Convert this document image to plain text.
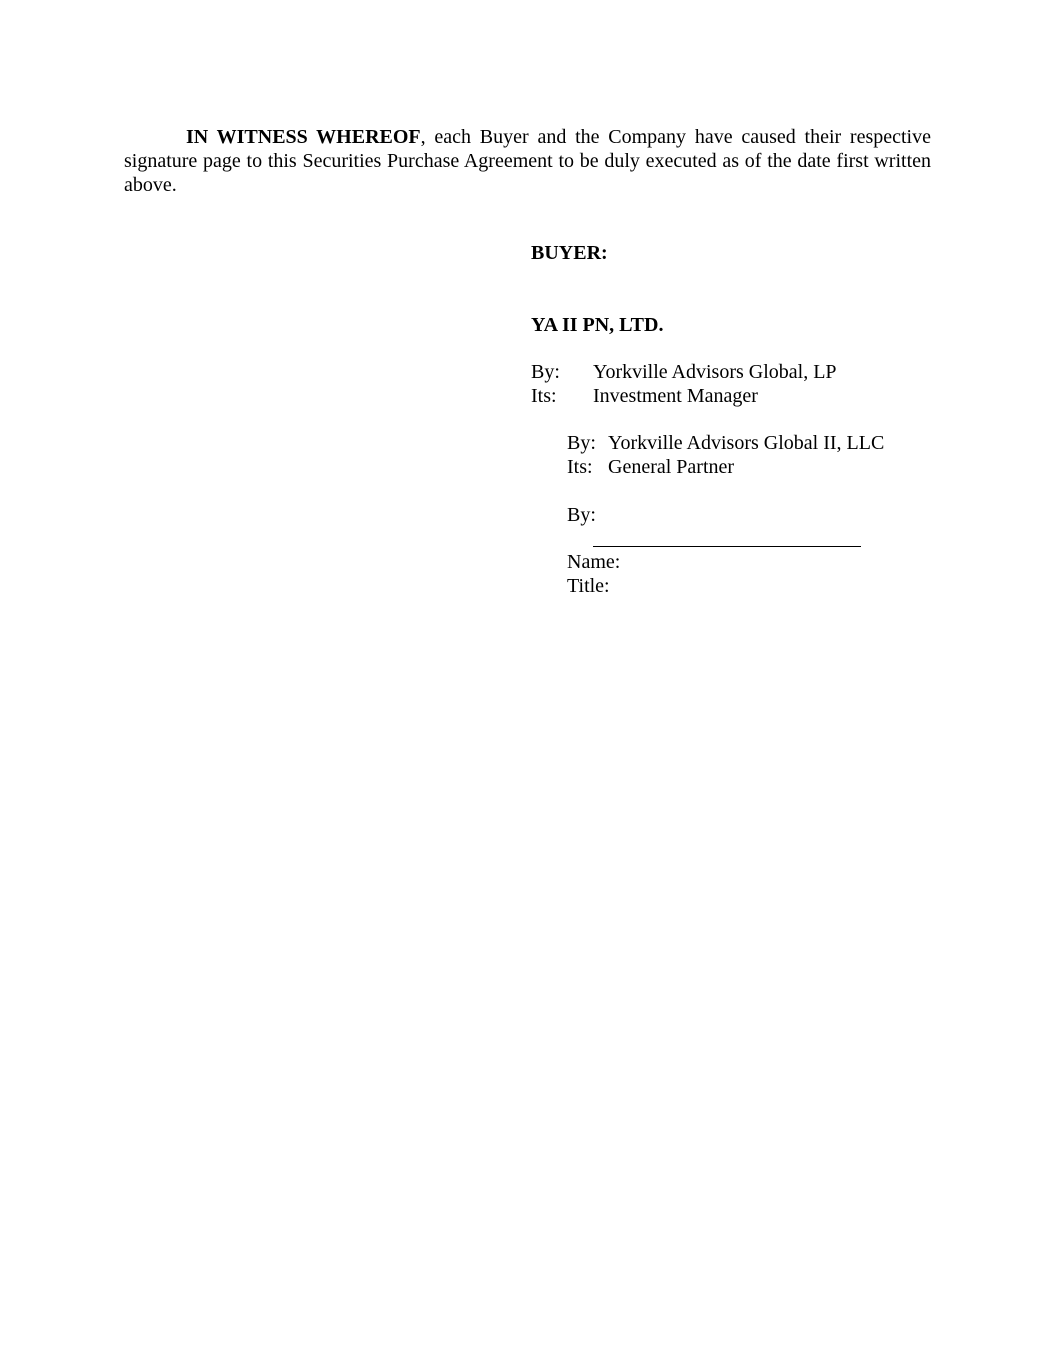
IN WITNESS WHEREOF, each Buyer and the Company have caused their respective signature page to this Securities Purchase Agreement to be duly executed as of the date first written above.

BUYER:
YA II PN, LTD.
By: Yorkville Advisors Global, LP
Its: Investment Manager
By: Yorkville Advisors Global II, LLC
Its: General Partner
By:
Name:
Title:
